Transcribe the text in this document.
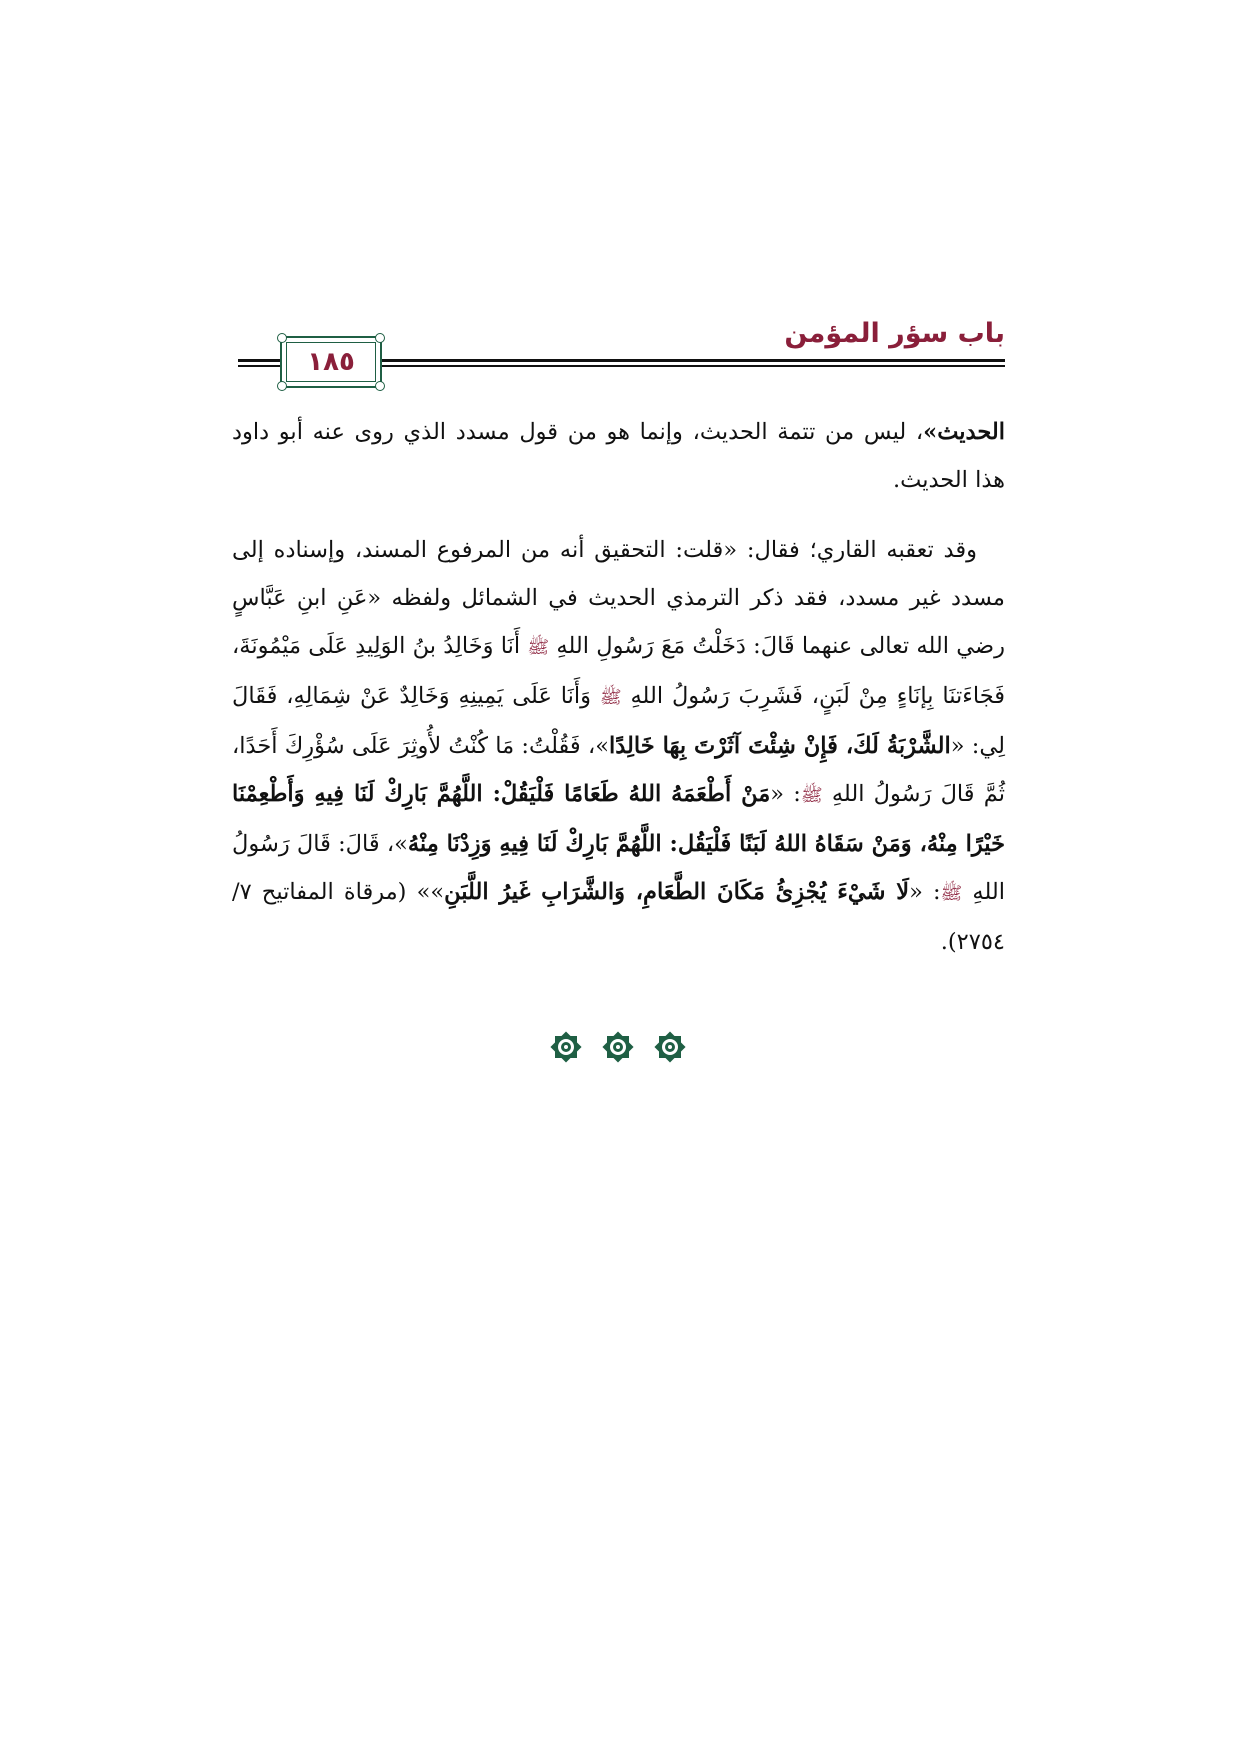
باب سؤر المؤمن
١٨٥

الحديث»، ليس من تتمة الحديث، وإنما هو من قول مسدد الذي روى عنه أبو داود هذا الحديث.

وقد تعقبه القاري؛ فقال: «قلت: التحقيق أنه من المرفوع المسند، وإسناده إلى مسدد غير مسدد، فقد ذكر الترمذي الحديث في الشمائل ولفظه «عَنِ ابنِ عَبَّاسٍ رضي الله تعالى عنهما قَالَ: دَخَلْتُ مَعَ رَسُولِ اللهِ ﷺ أَنَا وَخَالِدُ بنُ الوَلِيدِ عَلَى مَيْمُونَةَ، فَجَاءَتنَا بِإنَاءٍ مِنْ لَبَنٍ، فَشَرِبَ رَسُولُ اللهِ ﷺ وَأَنَا عَلَى يَمِينِهِ وَخَالِدٌ عَنْ شِمَالِهِ، فَقَالَ لِي: «الشَّرْبَةُ لَكَ، فَإِنْ شِئْتَ آثَرْتَ بِهَا خَالِدًا»، فَقُلْتُ: مَا كُنْتُ لأُوثِرَ عَلَى سُؤْرِكَ أَحَدًا، ثُمَّ قَالَ رَسُولُ اللهِ ﷺ: «مَنْ أَطْعَمَهُ اللهُ طَعَامًا فَلْيَقُلْ: اللَّهُمَّ بَارِكْ لَنَا فِيهِ وَأَطْعِمْنَا خَيْرًا مِنْهُ، وَمَنْ سَقَاهُ اللهُ لَبَنًا فَلْيَقُل: اللَّهُمَّ بَارِكْ لَنَا فِيهِ وَزِدْنَا مِنْهُ»، قَالَ: قَالَ رَسُولُ اللهِ ﷺ: «لَا شَيْءَ يُجْزِئُ مَكَانَ الطَّعَامِ، وَالشَّرَابِ غَيرُ اللَّبَنِ»» (مرقاة المفاتيح ٧/ ٢٧٥٤).
